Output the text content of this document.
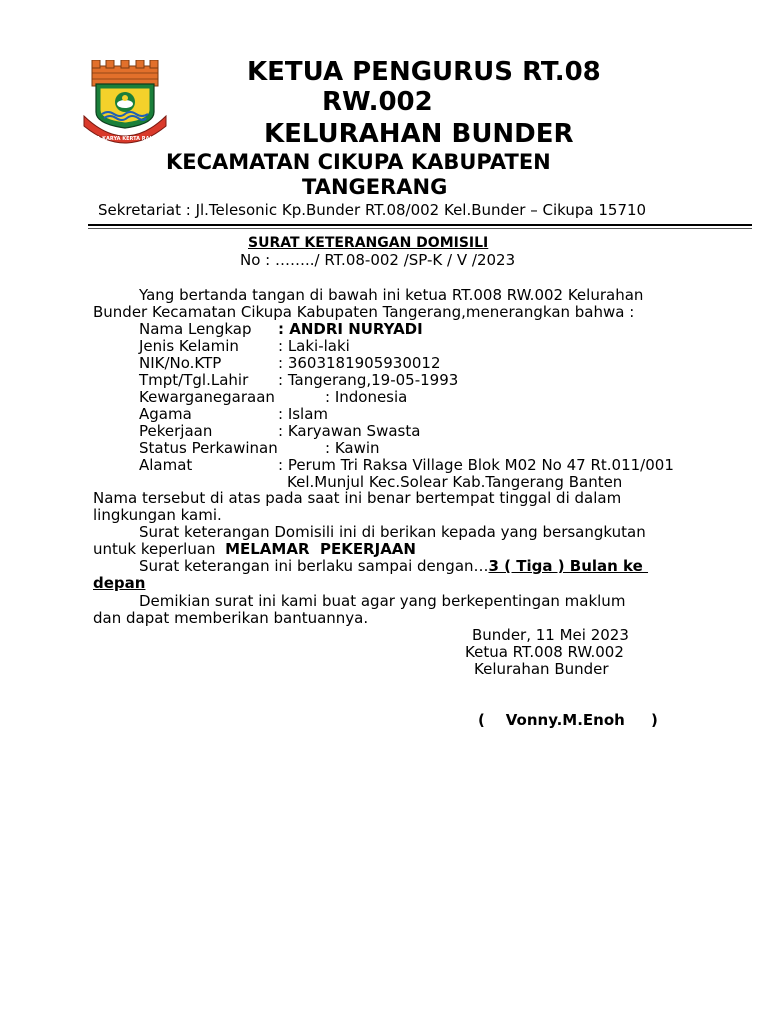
SATYA KARYA KERTA RAHARJA
KETUA PENGURUS RT.08
RW.002
KELURAHAN BUNDER
KECAMATAN CIKUPA KABUPATEN
TANGERANG
Sekretariat : Jl.Telesonic Kp.Bunder RT.08/002 Kel.Bunder – Cikupa 15710
SURAT KETERANGAN DOMISILI
No : ……../ RT.08-002 /SP-K / V /2023
Yang bertanda tangan di bawah ini ketua RT.008 RW.002 Kelurahan
Bunder Kecamatan Cikupa Kabupaten Tangerang,menerangkan bahwa :
Nama Lengkap : ANDRI NURYADI
Jenis Kelamin	: Laki-laki
NIK/No.KTP	: 3603181905930012
Tmpt/Tgl.Lahir : Tangerang,19-05-1993
Kewarganegaraan	: Indonesia
Agama	: Islam
Pekerjaan	: Karyawan Swasta
Status Perkawinan	: Kawin
Alamat	: Perum Tri Raksa Village Blok M02 No 47 Rt.011/001
Kel.Munjul Kec.Solear Kab.Tangerang Banten
Nama tersebut di atas pada saat ini benar bertempat tinggal di dalam
lingkungan kami.
Surat keterangan Domisili ini di berikan kepada yang bersangkutan
untuk keperluan MELAMAR  PEKERJAAN
Surat keterangan ini berlaku sampai dengan…3 ( Tiga ) Bulan ke
depan
Demikian surat ini kami buat agar yang berkepentingan maklum
dan dapat memberikan bantuannya.
Bunder, 11 Mei 2023
Ketua RT.008 RW.002
Kelurahan Bunder
(    Vonny.M.Enoh     )
